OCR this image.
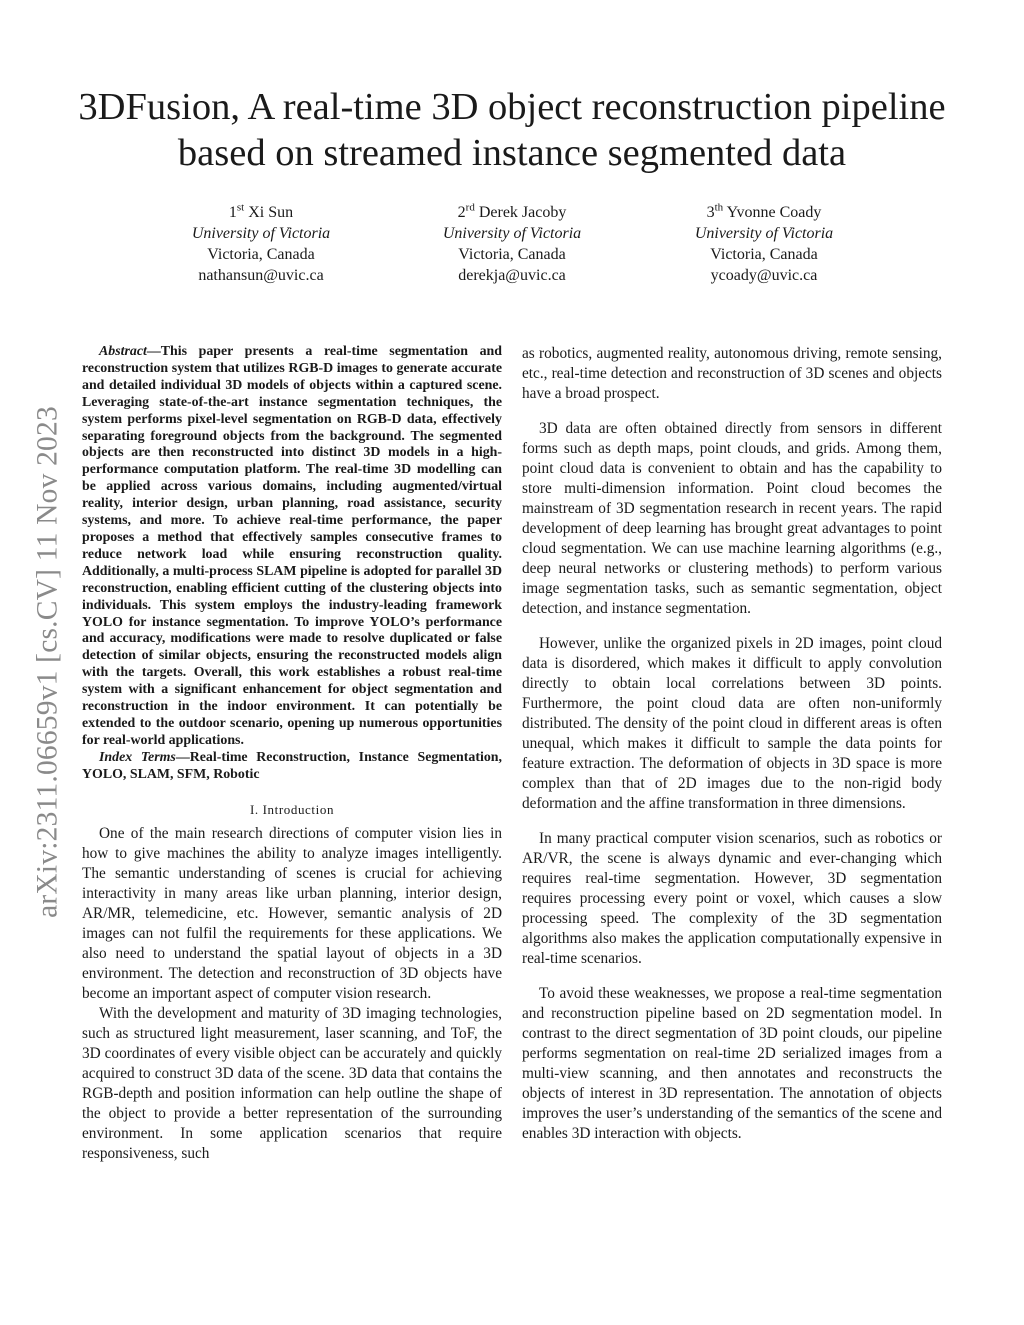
3DFusion, A real-time 3D object reconstruction pipeline based on streamed instance segmented data
1st Xi Sun
University of Victoria
Victoria, Canada
nathansun@uvic.ca
2rd Derek Jacoby
University of Victoria
Victoria, Canada
derekja@uvic.ca
3th Yvonne Coady
University of Victoria
Victoria, Canada
ycoady@uvic.ca
arXiv:2311.06659v1 [cs.CV] 11 Nov 2023

Abstract—This paper presents a real-time segmentation and reconstruction system that utilizes RGB-D images to generate accurate and detailed individual 3D models of objects within a captured scene. Leveraging state-of-the-art instance segmentation techniques, the system performs pixel-level segmentation on RGB-D data, effectively separating foreground objects from the background. The segmented objects are then reconstructed into distinct 3D models in a high-performance computation platform. The real-time 3D modelling can be applied across various domains, including augmented/virtual reality, interior design, urban planning, road assistance, security systems, and more. To achieve real-time performance, the paper proposes a method that effectively samples consecutive frames to reduce network load while ensuring reconstruction quality. Additionally, a multi-process SLAM pipeline is adopted for parallel 3D reconstruction, enabling efficient cutting of the clustering objects into individuals. This system employs the industry-leading framework YOLO for instance segmentation. To improve YOLO’s performance and accuracy, modifications were made to resolve duplicated or false detection of similar objects, ensuring the reconstructed models align with the targets. Overall, this work establishes a robust real-time system with a significant enhancement for object segmentation and reconstruction in the indoor environment. It can potentially be extended to the outdoor scenario, opening up numerous opportunities for real-world applications.

Index Terms—Real-time Reconstruction, Instance Segmentation, YOLO, SLAM, SFM, Robotic

I. Introduction

One of the main research directions of computer vision lies in how to give machines the ability to analyze images intelligently. The semantic understanding of scenes is crucial for achieving interactivity in many areas like urban planning, interior design, AR/MR, telemedicine, etc. However, semantic analysis of 2D images can not fulfil the requirements for these applications. We also need to understand the spatial layout of objects in a 3D environment. The detection and reconstruction of 3D objects have become an important aspect of computer vision research.

With the development and maturity of 3D imaging technologies, such as structured light measurement, laser scanning, and ToF, the 3D coordinates of every visible object can be accurately and quickly acquired to construct 3D data of the scene. 3D data that contains the RGB-depth and position information can help outline the shape of the object to provide a better representation of the surrounding environment. In some application scenarios that require responsiveness, such

as robotics, augmented reality, autonomous driving, remote sensing, etc., real-time detection and reconstruction of 3D scenes and objects have a broad prospect.

3D data are often obtained directly from sensors in different forms such as depth maps, point clouds, and grids. Among them, point cloud data is convenient to obtain and has the capability to store multi-dimension information. Point cloud becomes the mainstream of 3D segmentation research in recent years. The rapid development of deep learning has brought great advantages to point cloud segmentation. We can use machine learning algorithms (e.g., deep neural networks or clustering methods) to perform various image segmentation tasks, such as semantic segmentation, object detection, and instance segmentation.

However, unlike the organized pixels in 2D images, point cloud data is disordered, which makes it difficult to apply convolution directly to obtain local correlations between 3D points. Furthermore, the point cloud data are often non-uniformly distributed. The density of the point cloud in different areas is often unequal, which makes it difficult to sample the data points for feature extraction. The deformation of objects in 3D space is more complex than that of 2D images due to the non-rigid body deformation and the affine transformation in three dimensions.

In many practical computer vision scenarios, such as robotics or AR/VR, the scene is always dynamic and ever-changing which requires real-time segmentation. However, 3D segmentation requires processing every point or voxel, which causes a slow processing speed. The complexity of the 3D segmentation algorithms also makes the application computationally expensive in real-time scenarios.

To avoid these weaknesses, we propose a real-time segmentation and reconstruction pipeline based on 2D segmentation model. In contrast to the direct segmentation of 3D point clouds, our pipeline performs segmentation on real-time 2D serialized images from a multi-view scanning, and then annotates and reconstructs the objects of interest in 3D representation. The annotation of objects improves the user’s understanding of the semantics of the scene and enables 3D interaction with objects.
